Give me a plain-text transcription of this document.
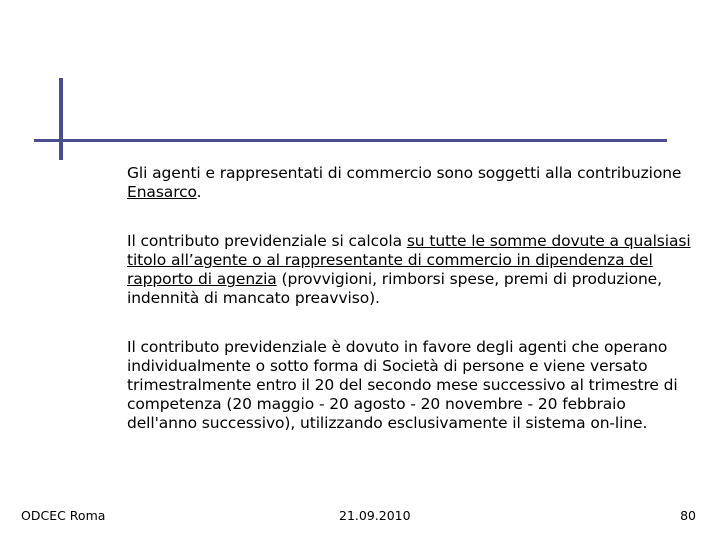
Gli agenti e rappresentati di commercio sono soggetti alla contribuzione Enasarco.

Il contributo previdenziale si calcola su tutte le somme dovute a qualsiasi titolo all’agente o al rappresentante di commercio in dipendenza del rapporto di agenzia (provvigioni, rimborsi spese, premi di produzione, indennità di mancato preavviso).

Il contributo previdenziale è dovuto in favore degli agenti che operano individualmente o sotto forma di Società di persone e viene versato trimestralmente entro il 20 del secondo mese successivo al trimestre di competenza (20 maggio - 20 agosto - 20 novembre - 20 febbraio dell'anno successivo), utilizzando esclusivamente il sistema on-line.

ODCEC Roma	21.09.2010	80
